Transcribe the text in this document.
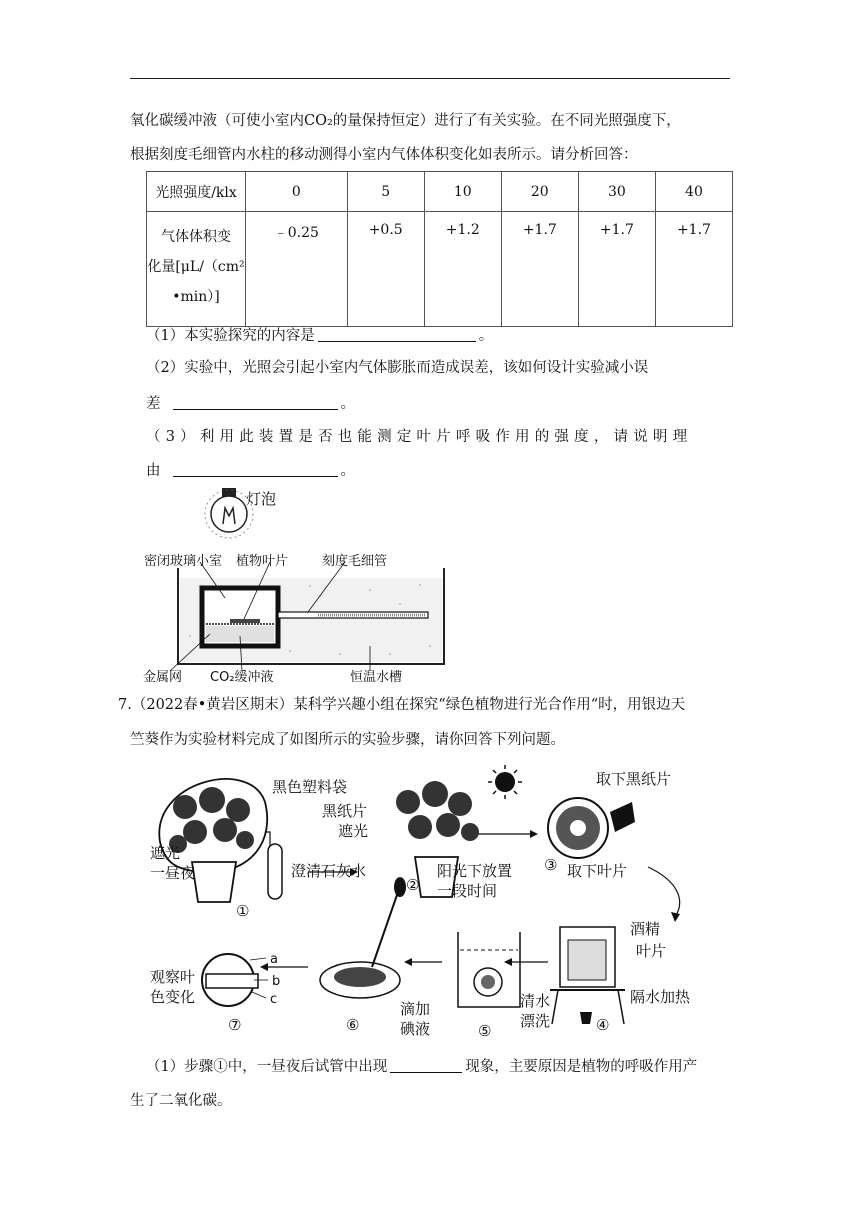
氧化碳缓冲液（可使小室内CO₂的量保持恒定）进行了有关实验。在不同光照强度下，
根据刻度毛细管内水柱的移动测得小室内气体体积变化如表所示。请分析回答：
光照强度/klx	0	5	10	20	30	40

气体体积变
化量[μL/（cm²
•min）]	﹣0.25	+0.5	+1.2	+1.7	+1.7	+1.7
（1）本实验探究的内容是	。
（2）实验中，光照会引起小室内气体膨胀而造成误差，该如何设计实验减小误
差	。
（3）利用此装置是否也能测定叶片呼吸作用的强度，请说明理
由	。
灯泡
密闭玻璃小室 植物叶片	刻度毛细管
金属网 CO₂缓冲液	恒温水槽
7.（2022春•黄岩区期末）某科学兴趣小组在探究“绿色植物进行光合作用“时，用银边天
竺葵作为实验材料完成了如图所示的实验步骤，请你回答下列问题。
黑色塑料袋
遮光
一昼夜	澄清石灰水
黑纸片
遮光
阳光下放置
一段时间
取下黑纸片
取下叶片
酒精
叶片
隔水加热
清水
漂洗
滴加
碘液
观察叶
色变化
a
b
c
①
②
③
④
⑤
⑥
⑦
（1）步骤①中，一昼夜后试管中出现	现象，主要原因是植物的呼吸作用产
生了二氧化碳。
